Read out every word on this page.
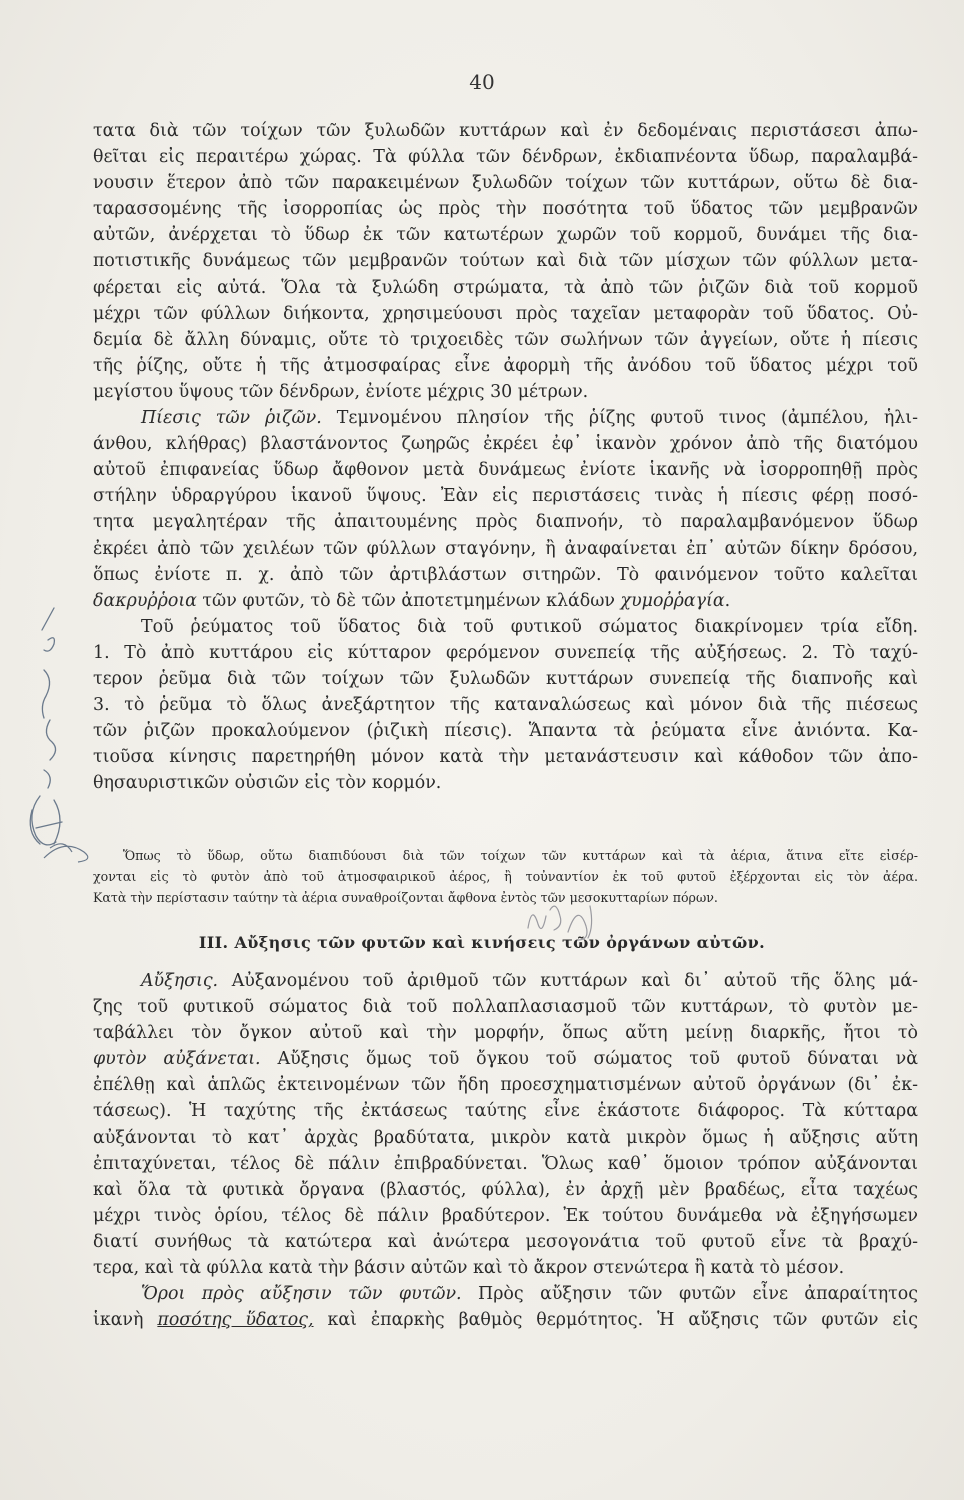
40
τατα διὰ τῶν τοίχων τῶν ξυλωδῶν κυττάρων καὶ ἐν δεδομέναις περιστάσεσι ἀπω-
θεῖται εἰς περαιτέρω χώρας. Τὰ φύλλα τῶν δένδρων, ἐκδιαπνέοντα ὕδωρ, παραλαμβά-
νουσιν ἕτερον ἀπὸ τῶν παρακειμένων ξυλωδῶν τοίχων τῶν κυττάρων, οὕτω δὲ δια-
ταρασσομένης τῆς ἰσορροπίας ὡς πρὸς τὴν ποσότητα τοῦ ὕδατος τῶν μεμβρανῶν
αὐτῶν, ἀνέρχεται τὸ ὕδωρ ἐκ τῶν κατωτέρων χωρῶν τοῦ κορμοῦ, δυνάμει τῆς δια-
ποτιστικῆς δυνάμεως τῶν μεμβρανῶν τούτων καὶ διὰ τῶν μίσχων τῶν φύλλων μετα-
φέρεται εἰς αὐτά. Ὅλα τὰ ξυλώδη στρώματα, τὰ ἀπὸ τῶν ῥιζῶν διὰ τοῦ κορμοῦ
μέχρι τῶν φύλλων διήκοντα, χρησιμεύουσι πρὸς ταχεῖαν μεταφορὰν τοῦ ὕδατος. Οὐ-
δεμία δὲ ἄλλη δύναμις, οὔτε τὸ τριχοειδὲς τῶν σωλήνων τῶν ἀγγείων, οὔτε ἡ πίεσις
τῆς ῥίζης, οὔτε ἡ τῆς ἀτμοσφαίρας εἶνε ἀφορμὴ τῆς ἀνόδου τοῦ ὕδατος μέχρι τοῦ
μεγίστου ὕψους τῶν δένδρων, ἐνίοτε μέχρις 30 μέτρων.
Πίεσις τῶν ῥιζῶν. Τεμνομένου πλησίον τῆς ῥίζης φυτοῦ τινος (ἀμπέλου, ἡλι-
άνθου, κλήθρας) βλαστάνοντος ζωηρῶς ἐκρέει ἐφ᾽ ἱκανὸν χρόνον ἀπὸ τῆς διατόμου
αὐτοῦ ἐπιφανείας ὕδωρ ἄφθονον μετὰ δυνάμεως ἐνίοτε ἱκανῆς νὰ ἰσορροπηθῇ πρὸς
στήλην ὑδραργύρου ἱκανοῦ ὕψους. Ἐὰν εἰς περιστάσεις τινὰς ἡ πίεσις φέρῃ ποσό-
τητα μεγαλητέραν τῆς ἀπαιτουμένης πρὸς διαπνοήν, τὸ παραλαμβανόμενον ὕδωρ
ἐκρέει ἀπὸ τῶν χειλέων τῶν φύλλων σταγόνην, ἢ ἀναφαίνεται ἐπ᾽ αὐτῶν δίκην δρόσου,
ὅπως ἐνίοτε π. χ. ἀπὸ τῶν ἀρτιβλάστων σιτηρῶν. Τὸ φαινόμενον τοῦτο καλεῖται
δακρυῤῥοια τῶν φυτῶν, τὸ δὲ τῶν ἀποτετμημένων κλάδων χυμοῤῥαγία.
Τοῦ ῥεύματος τοῦ ὕδατος διὰ τοῦ φυτικοῦ σώματος διακρίνομεν τρία εἴδη.
1. Τὸ ἀπὸ κυττάρου εἰς κύτταρον φερόμενον συνεπείᾳ τῆς αὐξήσεως. 2. Τὸ ταχύ-
τερον ῥεῦμα διὰ τῶν τοίχων τῶν ξυλωδῶν κυττάρων συνεπείᾳ τῆς διαπνοῆς καὶ
3. τὸ ῥεῦμα τὸ ὅλως ἀνεξάρτητον τῆς καταναλώσεως καὶ μόνον διὰ τῆς πιέσεως
τῶν ῥιζῶν προκαλούμενον (ῥιζικὴ πίεσις). Ἅπαντα τὰ ῥεύματα εἶνε ἀνιόντα. Κα-
τιοῦσα κίνησις παρετηρήθη μόνον κατὰ τὴν μετανάστευσιν καὶ κάθοδον τῶν ἀπο-
θησαυριστικῶν οὐσιῶν εἰς τὸν κορμόν.
Ὅπως τὸ ὕδωρ, οὕτω διαπιδύουσι διὰ τῶν τοίχων τῶν κυττάρων καὶ τὰ ἀέρια, ἅτινα εἴτε εἰσέρ-
χονται εἰς τὸ φυτὸν ἀπὸ τοῦ ἀτμοσφαιρικοῦ ἀέρος, ἢ τοὐναντίον ἐκ τοῦ φυτοῦ ἐξέρχονται εἰς τὸν ἀέρα.
Κατὰ τὴν περίστασιν ταύτην τὰ ἀέρια συναθροίζονται ἄφθονα ἐντὸς τῶν μεσοκυτταρίων πόρων.
III. Αὔξησις τῶν φυτῶν καὶ κινήσεις τῶν ὀργάνων αὐτῶν.
Αὔξησις. Αὐξανομένου τοῦ ἀριθμοῦ τῶν κυττάρων καὶ δι᾽ αὐτοῦ τῆς ὅλης μά-
ζης τοῦ φυτικοῦ σώματος διὰ τοῦ πολλαπλασιασμοῦ τῶν κυττάρων, τὸ φυτὸν με-
ταβάλλει τὸν ὄγκον αὐτοῦ καὶ τὴν μορφήν, ὅπως αὕτη μείνῃ διαρκῆς, ἤτοι τὸ
φυτὸν αὐξάνεται. Αὔξησις ὅμως τοῦ ὄγκου τοῦ σώματος τοῦ φυτοῦ δύναται νὰ
ἐπέλθῃ καὶ ἁπλῶς ἐκτεινομένων τῶν ἤδη προεσχηματισμένων αὐτοῦ ὀργάνων (δι᾽ ἐκ-
τάσεως). Ἡ ταχύτης τῆς ἐκτάσεως ταύτης εἶνε ἑκάστοτε διάφορος. Τὰ κύτταρα
αὐξάνονται τὸ κατ᾽ ἀρχὰς βραδύτατα, μικρὸν κατὰ μικρὸν ὅμως ἡ αὔξησις αὕτη
ἐπιταχύνεται, τέλος δὲ πάλιν ἐπιβραδύνεται. Ὅλως καθ᾽ ὅμοιον τρόπον αὐξάνονται
καὶ ὅλα τὰ φυτικὰ ὄργανα (βλαστός, φύλλα), ἐν ἀρχῇ μὲν βραδέως, εἶτα ταχέως
μέχρι τινὸς ὁρίου, τέλος δὲ πάλιν βραδύτερον. Ἐκ τούτου δυνάμεθα νὰ ἐξηγήσωμεν
διατί συνήθως τὰ κατώτερα καὶ ἀνώτερα μεσογονάτια τοῦ φυτοῦ εἶνε τὰ βραχύ-
τερα, καὶ τὰ φύλλα κατὰ τὴν βάσιν αὐτῶν καὶ τὸ ἄκρον στενώτερα ἢ κατὰ τὸ μέσον.
Ὅροι πρὸς αὔξησιν τῶν φυτῶν. Πρὸς αὔξησιν τῶν φυτῶν εἶνε ἀπαραίτητος
ἱκανὴ ποσότης ὕδατος, καὶ ἐπαρκὴς βαθμὸς θερμότητος. Ἡ αὔξησις τῶν φυτῶν εἰς
